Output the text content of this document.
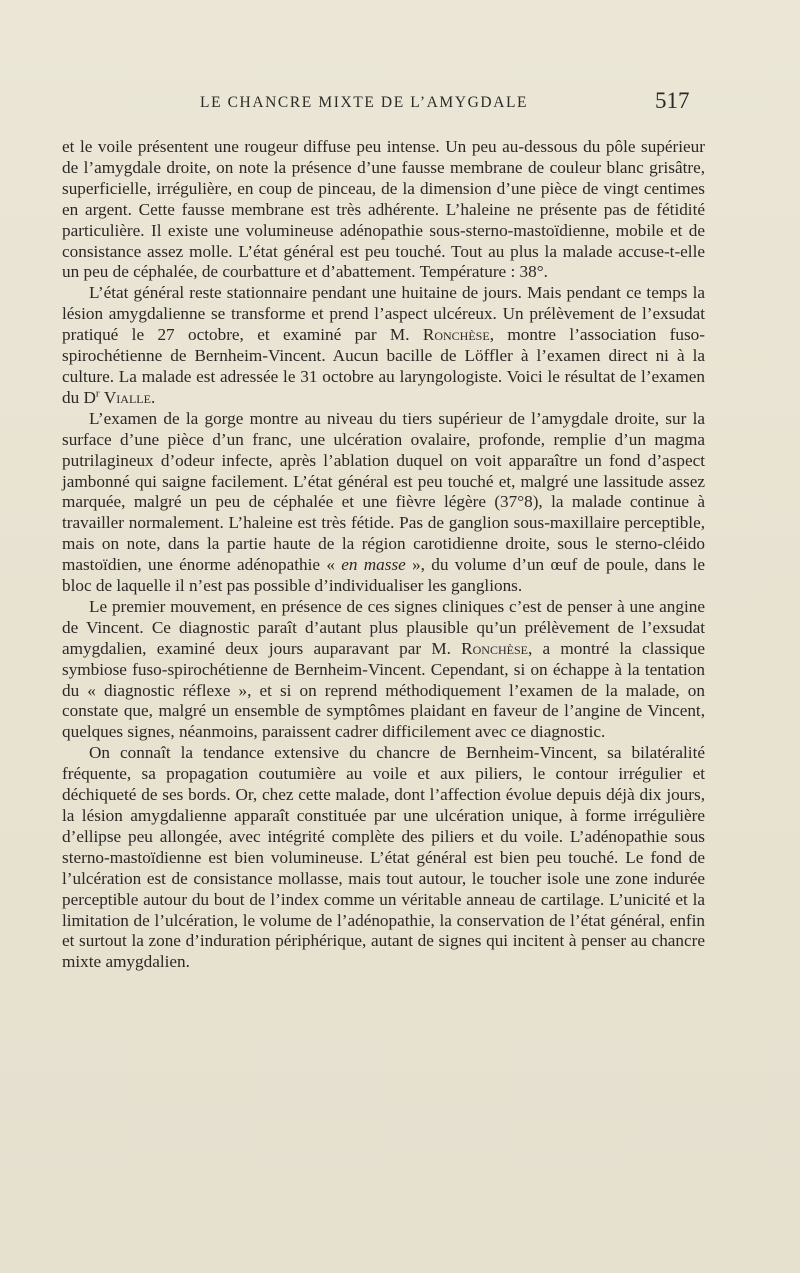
LE CHANCRE MIXTE DE L’AMYGDALE	517

et le voile présentent une rougeur diffuse peu intense. Un peu au-dessous du pôle supérieur de l’amygdale droite, on note la présence d’une fausse membrane de couleur blanc grisâtre, superficielle, irrégulière, en coup de pinceau, de la dimension d’une pièce de vingt centimes en argent. Cette fausse membrane est très adhérente. L’haleine ne présente pas de fétidité particulière. Il existe une volumineuse adénopathie sous-sterno-mastoïdienne, mobile et de consistance assez molle. L’état général est peu touché. Tout au plus la malade accuse-t-elle un peu de céphalée, de courbatture et d’abattement. Température : 38°.

L’état général reste stationnaire pendant une huitaine de jours. Mais pendant ce temps la lésion amygdalienne se transforme et prend l’aspect ulcéreux. Un prélèvement de l’exsudat pratiqué le 27 octobre, et examiné par M. Ronchèse, montre l’association fuso-spirochétienne de Bernheim-Vincent. Aucun bacille de Löffler à l’examen direct ni à la culture. La malade est adressée le 31 octobre au laryngologiste. Voici le résultat de l’examen du $D^r$ Vialle.

L’examen de la gorge montre au niveau du tiers supérieur de l’amygdale droite, sur la surface d’une pièce d’un franc, une ulcération ovalaire, profonde, remplie d’un magma putrilagineux d’odeur infecte, après l’ablation duquel on voit apparaître un fond d’aspect jambonné qui saigne facilement. L’état général est peu touché et, malgré une lassitude assez marquée, malgré un peu de céphalée et une fièvre légère (37°8), la malade continue à travailler normalement. L’haleine est très fétide. Pas de ganglion sous-maxillaire perceptible, mais on note, dans la partie haute de la région carotidienne droite, sous le sterno-cléido mastoïdien, une énorme adénopathie « en masse », du volume d’un œuf de poule, dans le bloc de laquelle il n’est pas possible d’individualiser les ganglions.

Le premier mouvement, en présence de ces signes cliniques c’est de penser à une angine de Vincent. Ce diagnostic paraît d’autant plus plausible qu’un prélèvement de l’exsudat amygdalien, examiné deux jours auparavant par M. Ronchèse, a montré la classique symbiose fuso-spirochétienne de Bernheim-Vincent. Cependant, si on échappe à la tentation du « diagnostic réflexe », et si on reprend méthodiquement l’examen de la malade, on constate que, malgré un ensemble de symptômes plaidant en faveur de l’angine de Vincent, quelques signes, néanmoins, paraissent cadrer difficilement avec ce diagnostic.

On connaît la tendance extensive du chancre de Bernheim-Vincent, sa bilatéralité fréquente, sa propagation coutumière au voile et aux piliers, le contour irrégulier et déchiqueté de ses bords. Or, chez cette malade, dont l’affection évolue depuis déjà dix jours, la lésion amygdalienne apparaît constituée par une ulcération unique, à forme irrégulière d’ellipse peu allongée, avec intégrité complète des piliers et du voile. L’adénopathie sous sterno-mastoïdienne est bien volumineuse. L’état général est bien peu touché. Le fond de l’ulcération est de consistance mollasse, mais tout autour, le toucher isole une zone indurée perceptible autour du bout de l’index comme un véritable anneau de cartilage. L’unicité et la limitation de l’ulcération, le volume de l’adénopathie, la conservation de l’état général, enfin et surtout la zone d’induration périphérique, autant de signes qui incitent à penser au chancre mixte amygdalien.
